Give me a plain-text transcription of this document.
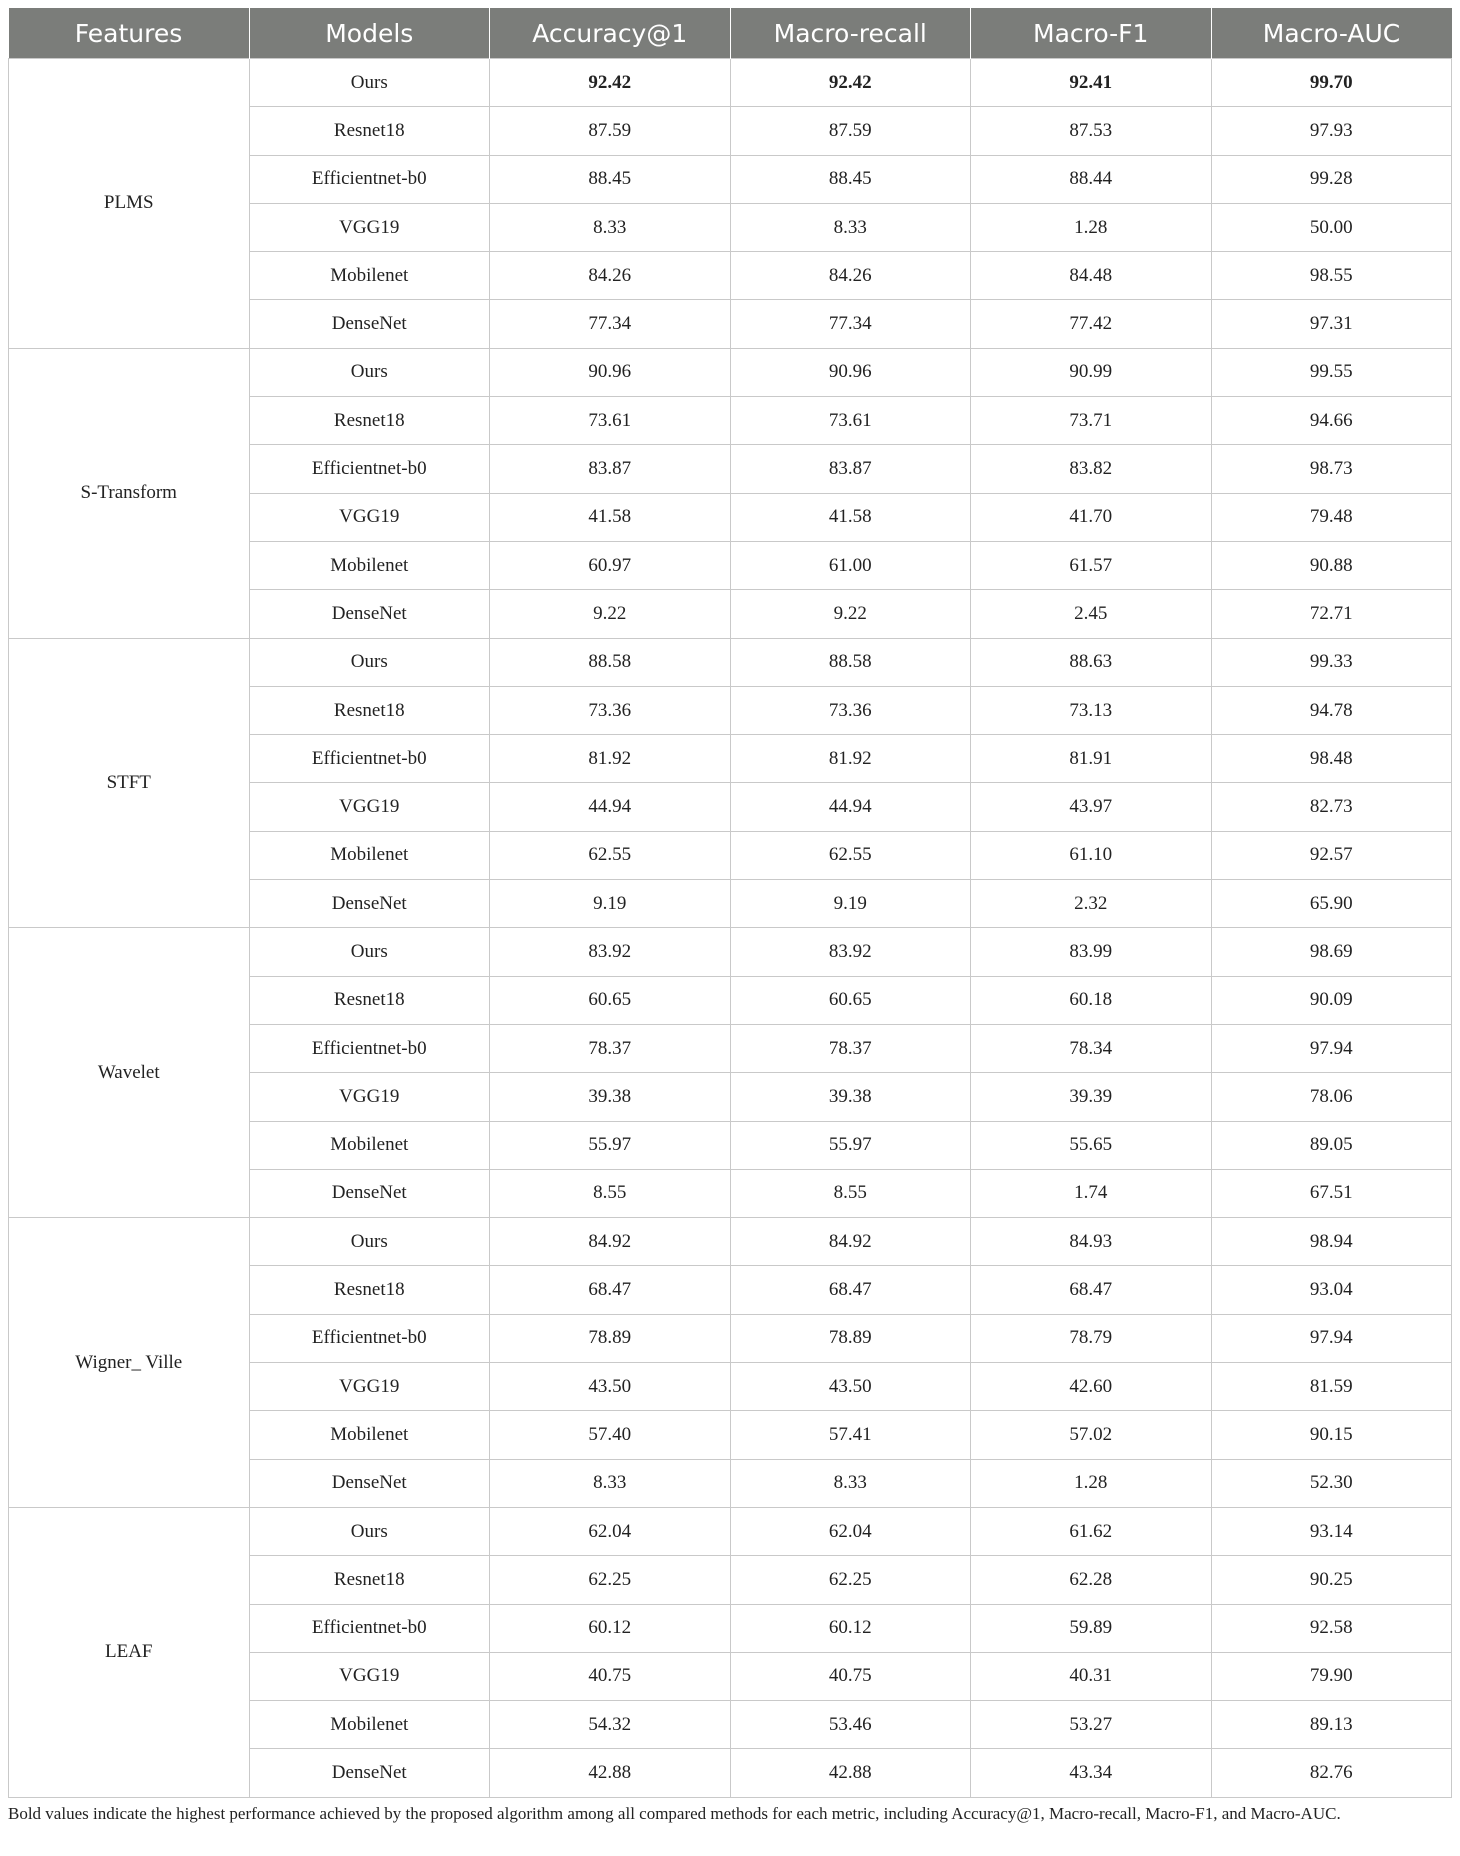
Features	Models	Accuracy@1	Macro-recall	Macro-F1	Macro-AUC
PLMS	Ours	92.42	92.42	92.41	99.70
	Resnet18	87.59	87.59	87.53	97.93
	Efficientnet-b0	88.45	88.45	88.44	99.28
	VGG19	8.33	8.33	1.28	50.00
	Mobilenet	84.26	84.26	84.48	98.55
	DenseNet	77.34	77.34	77.42	97.31
S-Transform	Ours	90.96	90.96	90.99	99.55
	Resnet18	73.61	73.61	73.71	94.66
	Efficientnet-b0	83.87	83.87	83.82	98.73
	VGG19	41.58	41.58	41.70	79.48
	Mobilenet	60.97	61.00	61.57	90.88
	DenseNet	9.22	9.22	2.45	72.71
STFT	Ours	88.58	88.58	88.63	99.33
	Resnet18	73.36	73.36	73.13	94.78
	Efficientnet-b0	81.92	81.92	81.91	98.48
	VGG19	44.94	44.94	43.97	82.73
	Mobilenet	62.55	62.55	61.10	92.57
	DenseNet	9.19	9.19	2.32	65.90
Wavelet	Ours	83.92	83.92	83.99	98.69
	Resnet18	60.65	60.65	60.18	90.09
	Efficientnet-b0	78.37	78.37	78.34	97.94
	VGG19	39.38	39.38	39.39	78.06
	Mobilenet	55.97	55.97	55.65	89.05
	DenseNet	8.55	8.55	1.74	67.51
Wigner_ Ville	Ours	84.92	84.92	84.93	98.94
	Resnet18	68.47	68.47	68.47	93.04
	Efficientnet-b0	78.89	78.89	78.79	97.94
	VGG19	43.50	43.50	42.60	81.59
	Mobilenet	57.40	57.41	57.02	90.15
	DenseNet	8.33	8.33	1.28	52.30
LEAF	Ours	62.04	62.04	61.62	93.14
	Resnet18	62.25	62.25	62.28	90.25
	Efficientnet-b0	60.12	60.12	59.89	92.58
	VGG19	40.75	40.75	40.31	79.90
	Mobilenet	54.32	53.46	53.27	89.13
	DenseNet	42.88	42.88	43.34	82.76
Bold values indicate the highest performance achieved by the proposed algorithm among all compared methods for each metric, including Accuracy@1, Macro-recall, Macro-F1, and Macro-AUC.
